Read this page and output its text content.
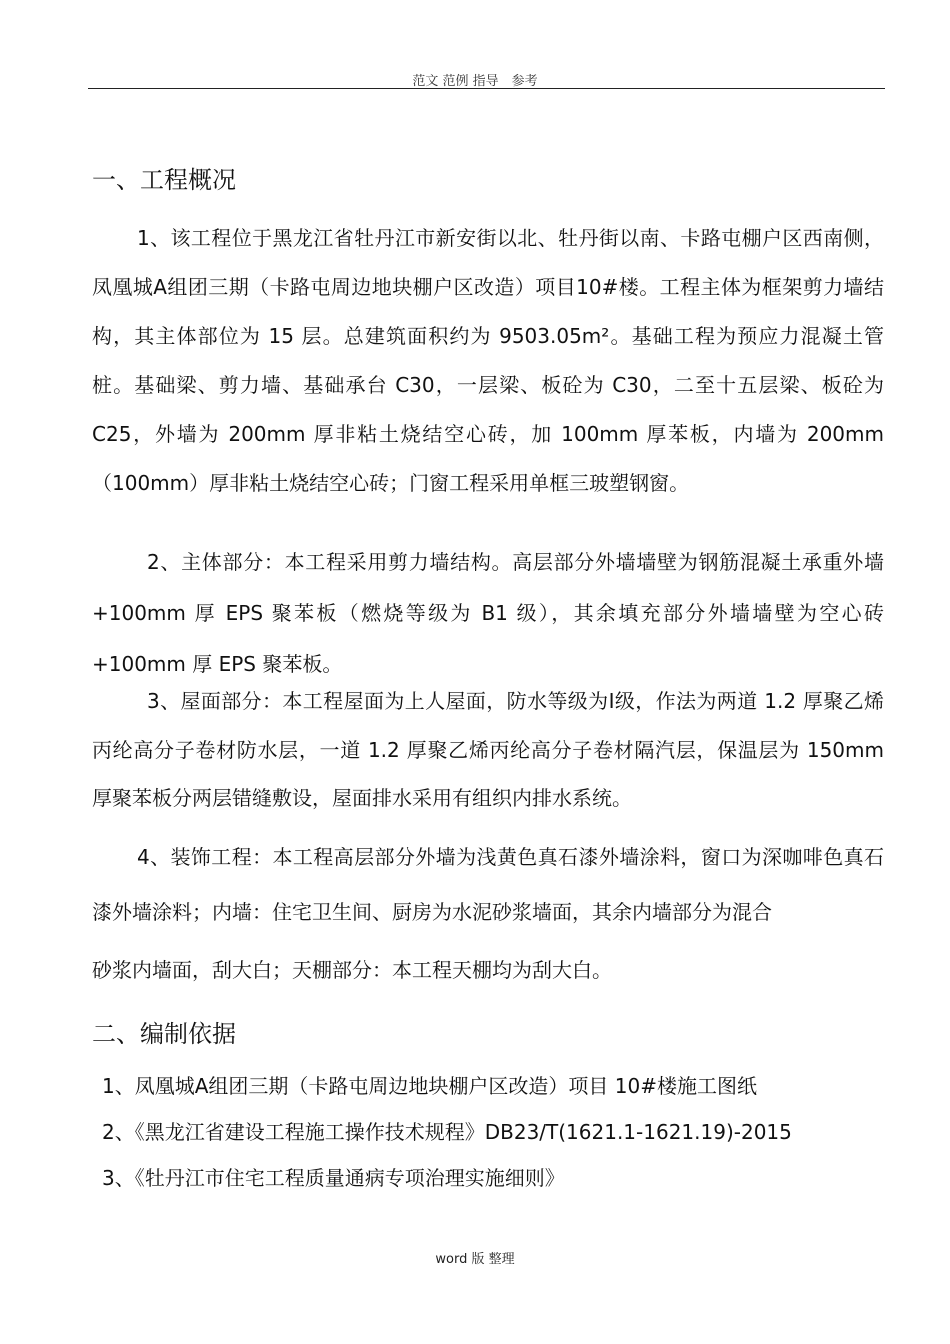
范文 范例 指导　参考
一、工程概况

1、该工程位于黑龙江省牡丹江市新安街以北、牡丹街以南、卡路屯棚户区西南侧，凤凰城A组团三期（卡路屯周边地块棚户区改造）项目10#楼。工程主体为框架剪力墙结构，其主体部位为 15 层。总建筑面积约为 9503.05m²。基础工程为预应力混凝土管桩。基础梁、剪力墙、基础承台 C30，一层梁、板砼为 C30，二至十五层梁、板砼为 C25，外墙为 200mm 厚非粘土烧结空心砖，加 100mm 厚苯板，内墙为 200mm（100mm）厚非粘土烧结空心砖；门窗工程采用单框三玻塑钢窗。

2、主体部分：本工程采用剪力墙结构。高层部分外墙墙壁为钢筋混凝土承重外墙+100mm 厚 EPS 聚苯板（燃烧等级为 B1 级），其余填充部分外墙墙壁为空心砖+100mm 厚 EPS 聚苯板。

3、屋面部分：本工程屋面为上人屋面，防水等级为Ⅰ级，作法为两道 1.2 厚聚乙烯丙纶高分子卷材防水层，一道 1.2 厚聚乙烯丙纶高分子卷材隔汽层，保温层为 150mm 厚聚苯板分两层错缝敷设，屋面排水采用有组织内排水系统。

4、装饰工程：本工程高层部分外墙为浅黄色真石漆外墙涂料，窗口为深咖啡色真石漆外墙涂料；内墙：住宅卫生间、厨房为水泥砂浆墙面，其余内墙部分为混合

砂浆内墙面，刮大白；天棚部分：本工程天棚均为刮大白。
二、编制依据
1、凤凰城A组团三期（卡路屯周边地块棚户区改造）项目 10#楼施工图纸
2、《黑龙江省建设工程施工操作技术规程》DB23/T(1621.1-1621.19)-2015
3、《牡丹江市住宅工程质量通病专项治理实施细则》
word 版 整理
